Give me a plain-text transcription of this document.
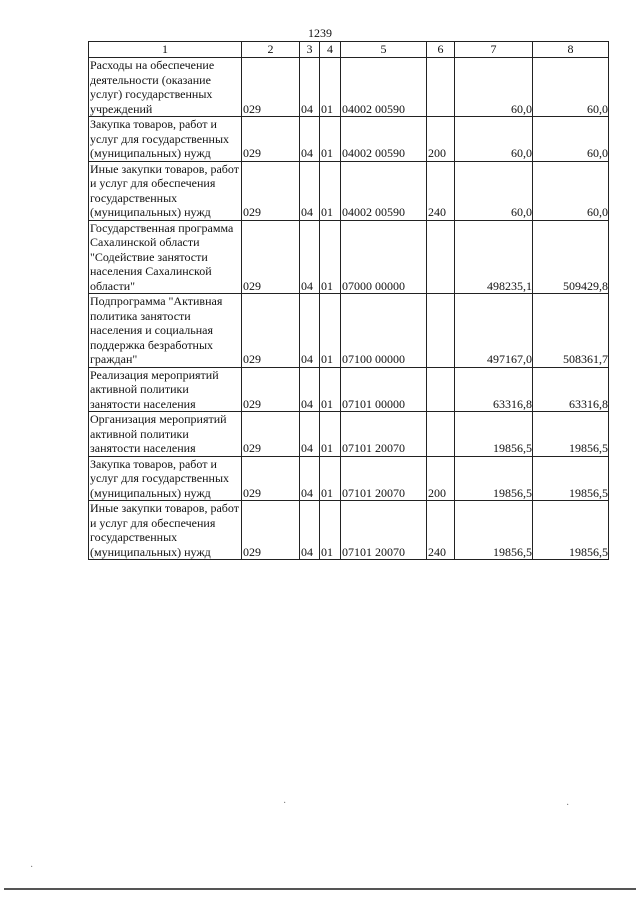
1239
1	2	3	4	5	6	7	8
Расходы на обеспечение деятельности (оказание услуг) государственных учреждений	029	04	01	04002 00590		60,0	60,0
Закупка товаров, работ и услуг для государственных (муниципальных) нужд	029	04	01	04002 00590	200	60,0	60,0
Иные закупки товаров, работ и услуг для обеспечения государственных (муниципальных) нужд	029	04	01	04002 00590	240	60,0	60,0
Государственная программа Сахалинской области "Содействие занятости населения Сахалинской области"	029	04	01	07000 00000		498235,1	509429,8
Подпрограмма "Активная политика занятости населения и социальная поддержка безработных граждан"	029	04	01	07100 00000		497167,0	508361,7
Реализация мероприятий активной политики занятости населения	029	04	01	07101 00000		63316,8	63316,8
Организация мероприятий активной политики занятости населения	029	04	01	07101 20070		19856,5	19856,5
Закупка товаров, работ и услуг для государственных (муниципальных) нужд	029	04	01	07101 20070	200	19856,5	19856,5
Иные закупки товаров, работ и услуг для обеспечения государственных (муниципальных) нужд	029	04	01	07101 20070	240	19856,5	19856,5
·	·
·
